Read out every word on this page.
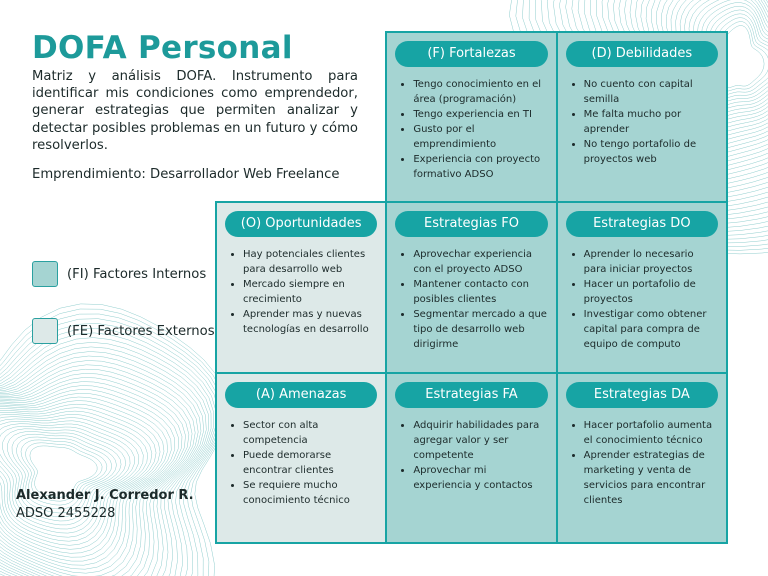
DOFA Personal

Matriz y análisis DOFA. Instrumento para identificar mis condiciones como emprendedor, generar estrategias que permiten analizar y detectar posibles problemas en un futuro y cómo resolverlos.

Emprendimiento: Desarrollador Web Freelance

(FI) Factores Internos
(FE) Factores Externos

Alexander J. Corredor R.

ADSO 2455228

(F) Fortalezas
• Tengo conocimiento en el área (programación)
• Tengo experiencia en TI
• Gusto por el emprendimiento
• Experiencia con proyecto formativo ADSO
(D) Debilidades
• No cuento con capital semilla
• Me falta mucho por aprender
• No tengo portafolio de proyectos web
(O) Oportunidades
• Hay potenciales clientes para desarrollo web
• Mercado siempre en crecimiento
• Aprender mas y nuevas tecnologías en desarrollo
Estrategias FO
• Aprovechar experiencia con el proyecto ADSO
• Mantener contacto con posibles clientes
• Segmentar mercado a que tipo de desarrollo web dirigirme
Estrategias DO
• Aprender lo necesario para iniciar proyectos
• Hacer un portafolio de proyectos
• Investigar como obtener capital para compra de equipo de computo
(A) Amenazas
• Sector con alta competencia
• Puede demorarse encontrar clientes
• Se requiere mucho conocimiento técnico
Estrategias FA
• Adquirir habilidades para agregar valor y ser competente
• Aprovechar mi experiencia y contactos
Estrategias DA
• Hacer portafolio aumenta el conocimiento técnico
• Aprender estrategias de marketing y venta de servicios para encontrar clientes
